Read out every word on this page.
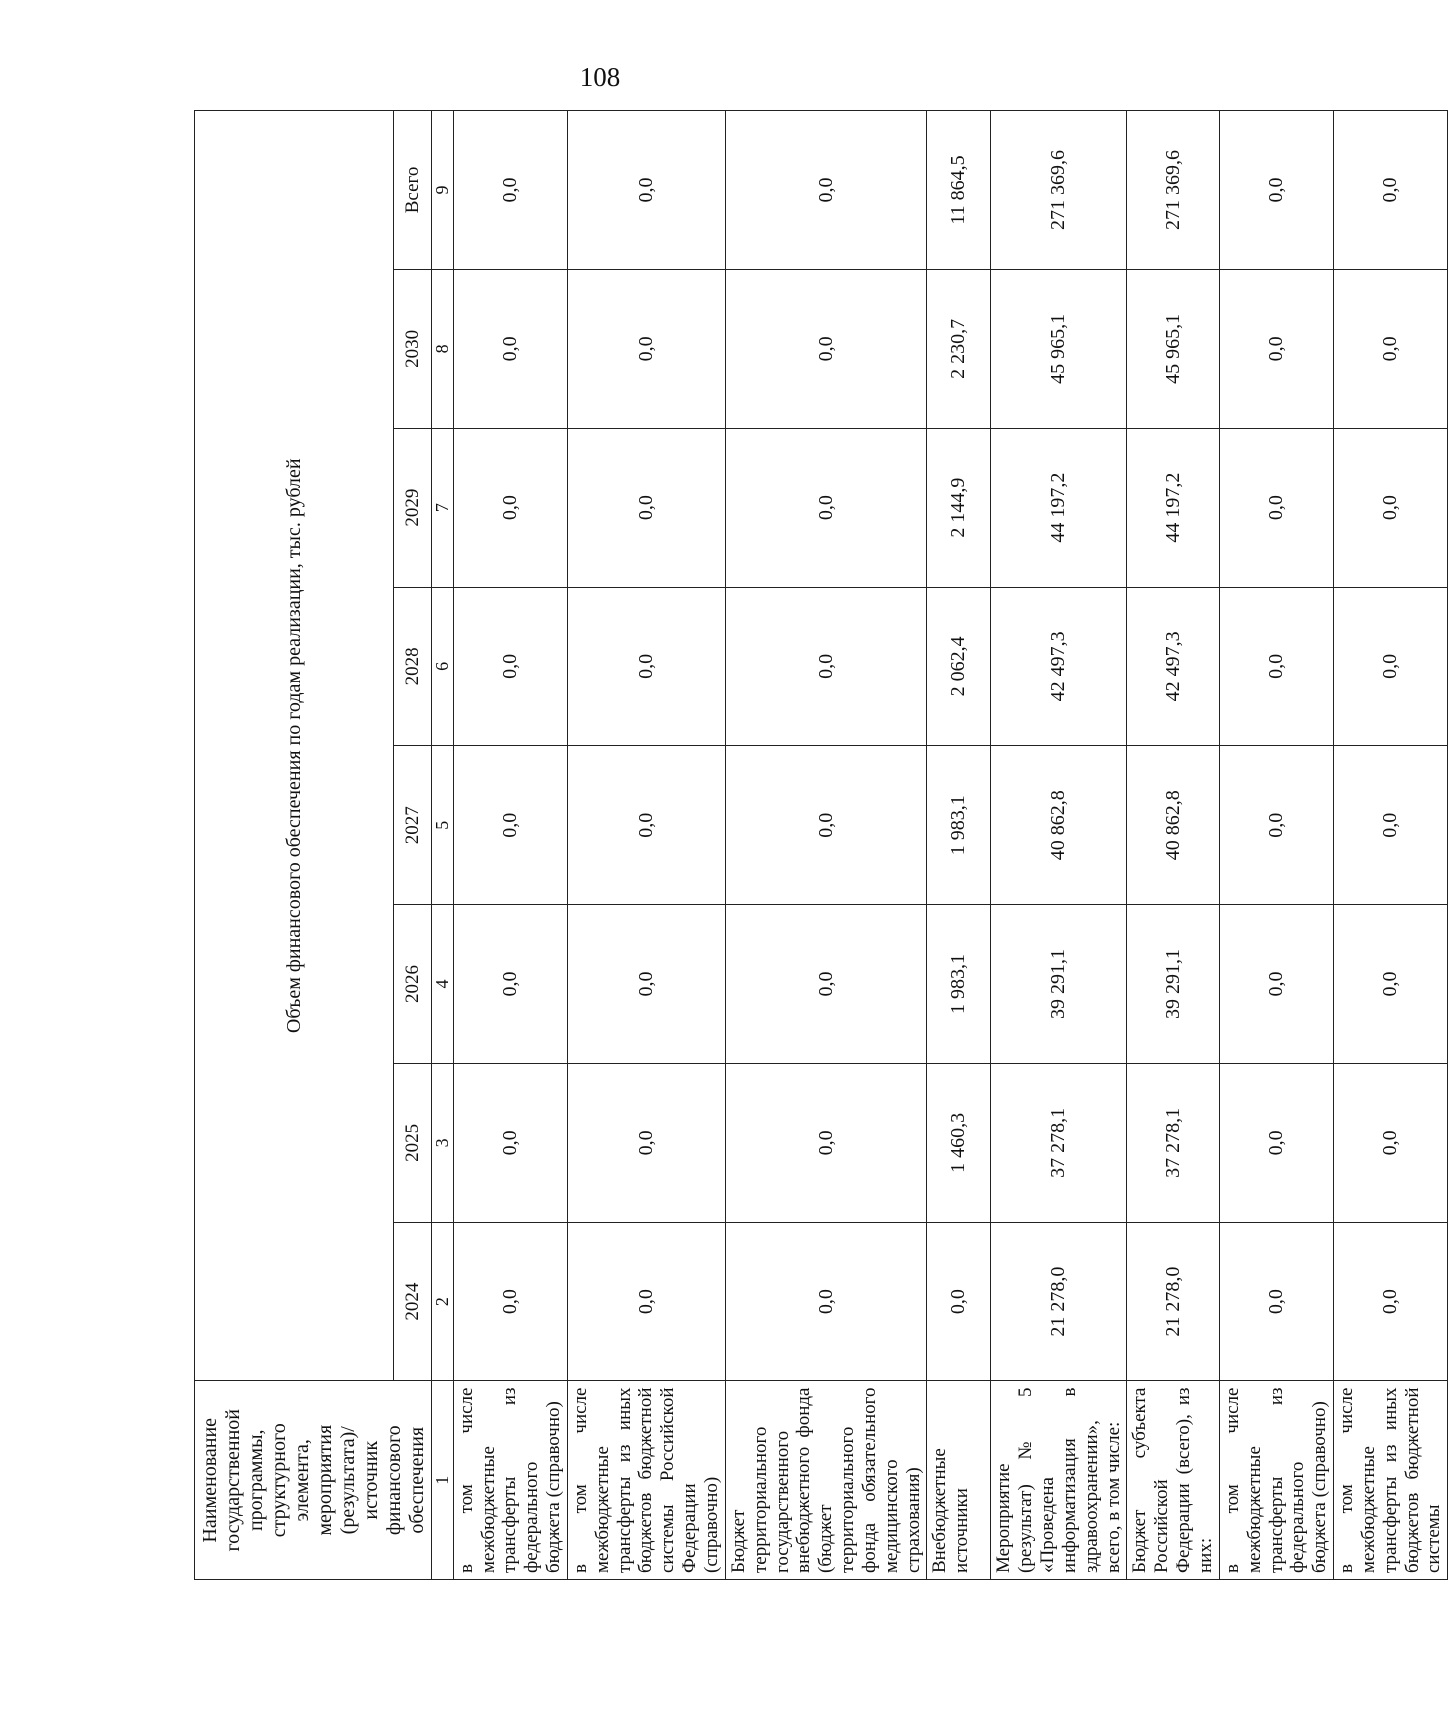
108
Наименование государственной программы, структурного элемента, мероприятия (результата)/источник финансового обеспечения	Объем финансового обеспечения по годам реализации, тыс. рублей							
	2024	2025	2026	2027	2028	2029	2030	Всего
1	2	3	4	5	6	7	8	9
в том числе межбюджетные трансферты из федерального бюджета (справочно)	0,0	0,0	0,0	0,0	0,0	0,0	0,0	0,0
в том числе межбюджетные трансферты из иных бюджетов бюджетной системы Российской Федерации (справочно)	0,0	0,0	0,0	0,0	0,0	0,0	0,0	0,0
Бюджет территориального государственного внебюджетного фонда (бюджет территориального фонда обязательного медицинского страхования)	0,0	0,0	0,0	0,0	0,0	0,0	0,0	0,0
Внебюджетные источники	0,0	1 460,3	1 983,1	1 983,1	2 062,4	2 144,9	2 230,7	11 864,5
Мероприятие (результат) № 5 «Проведена информатизация в здравоохранении», всего, в том числе:	21 278,0	37 278,1	39 291,1	40 862,8	42 497,3	44 197,2	45 965,1	271 369,6
Бюджет субъекта Российской Федерации (всего), из них:	21 278,0	37 278,1	39 291,1	40 862,8	42 497,3	44 197,2	45 965,1	271 369,6
в том числе межбюджетные трансферты из федерального бюджета (справочно)	0,0	0,0	0,0	0,0	0,0	0,0	0,0	0,0
в том числе межбюджетные трансферты из иных бюджетов бюджетной системы	0,0	0,0	0,0	0,0	0,0	0,0	0,0	0,0
